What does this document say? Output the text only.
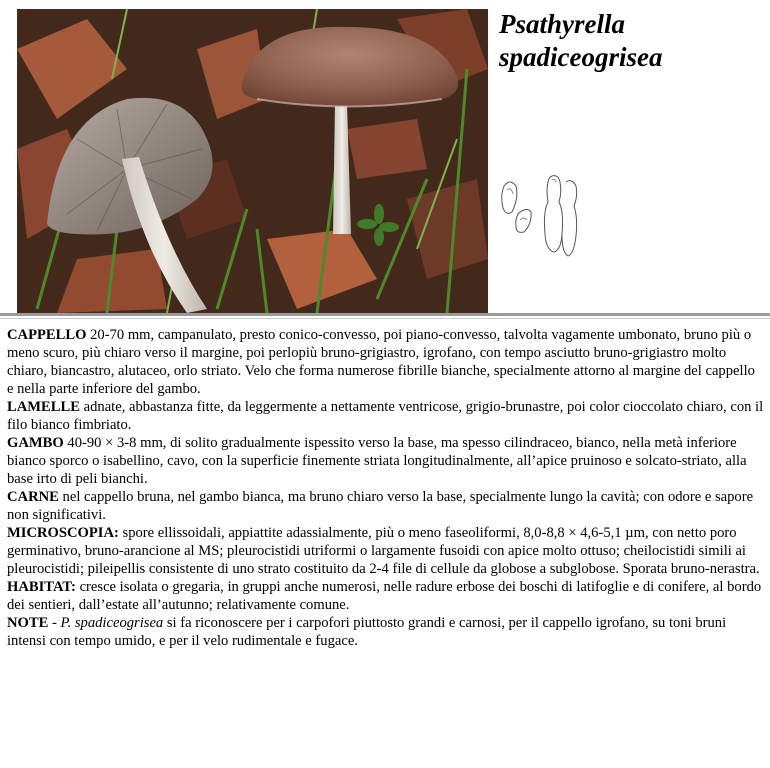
Psathyrella
spadiceogrisea

CAPPELLO 20-70 mm, campanulato, presto conico-convesso, poi piano-convesso, talvolta vagamente umbonato, bruno più o meno scuro, più chiaro verso il margine, poi perlopiù bruno-grigiastro, igrofano, con tempo asciutto bruno-grigiastro molto chiaro, biancastro, alutaceo, orlo striato. Velo che forma numerose fibrille bianche, specialmente attorno al margine del cappello e nella parte inferiore del gambo.

LAMELLE adnate, abbastanza fitte, da leggermente a nettamente ventricose, grigio-brunastre, poi color cioccolato chiaro, con il filo bianco fimbriato.

GAMBO 40-90 × 3-8 mm, di solito gradualmente ispessito verso la base, ma spesso cilindraceo, bianco, nella metà inferiore bianco sporco o isabellino, cavo, con la superficie finemente striata longitudinalmente, all’apice pruinoso e solcato-striato, alla base irto di peli bianchi.

CARNE nel cappello bruna, nel gambo bianca, ma bruno chiaro verso la base, specialmente lungo la cavità; con odore e sapore non significativi.

MICROSCOPIA: spore ellissoidali, appiattite adassialmente, più o meno faseoliformi, 8,0-8,8 × 4,6-5,1 µm, con netto poro germinativo, bruno-arancione al MS; pleurocistidi utriformi o largamente fusoidi con apice molto ottuso; cheilocistidi simili ai pleurocistidi; pileipellis consistente di uno strato costituito da 2-4 file di cellule da globose a subglobose. Sporata bruno-nerastra.

HABITAT: cresce isolata o gregaria, in gruppi anche numerosi, nelle radure erbose dei boschi di latifoglie e di conifere, al bordo dei sentieri, dall’estate all’autunno; relativamente comune.

NOTE - P. spadiceogrisea si fa riconoscere per i carpofori piuttosto grandi e carnosi, per il cappello igrofano, su toni bruni intensi con tempo umido, e per il velo rudimentale e fugace.
